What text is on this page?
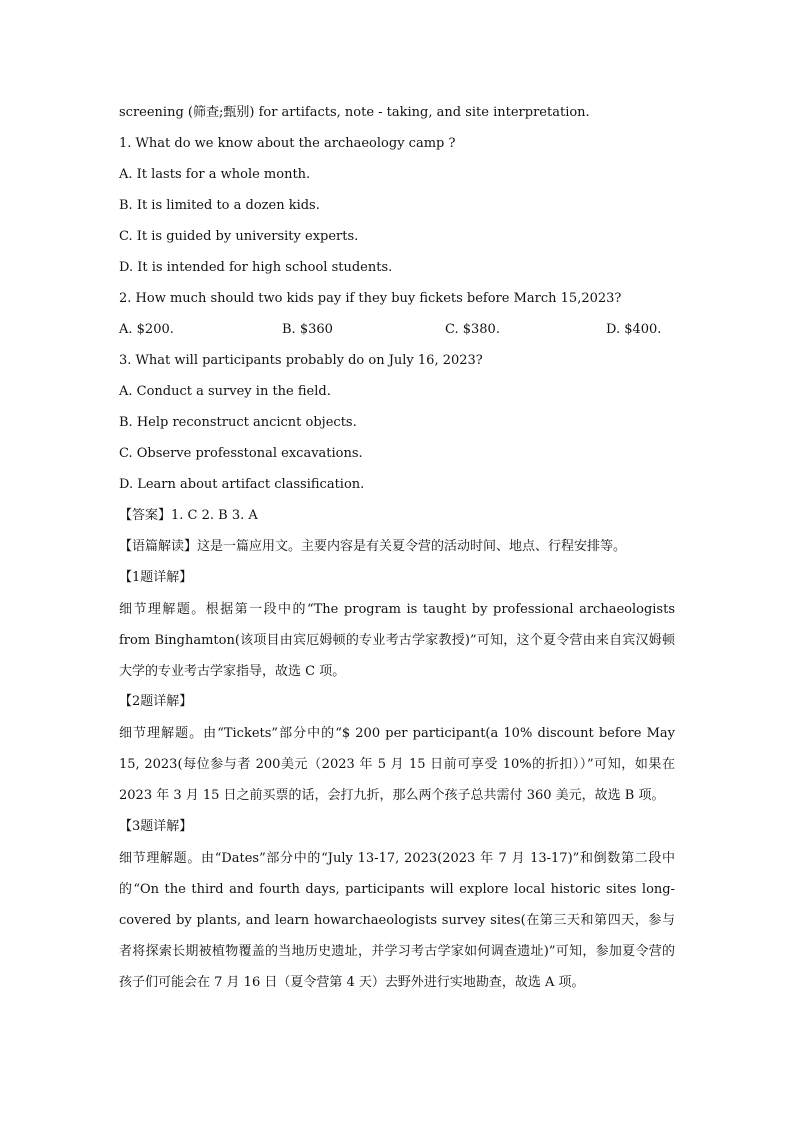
screening (筛查;甄别) for artifacts, note - taking, and site interpretation.
1. What do we know about the archaeology camp ?
A. It lasts for a whole month.
B. It is limited to a dozen kids.
C. It is guided by university experts.
D. It is intended for high school students.
2. How much should two kids pay if they buy fickets before March 15,2023?
A. $200.	B. $360	C. $380.	D. $400.
3. What will participants probably do on July 16, 2023?
A. Conduct a survey in the field.
B. Help reconstruct ancicnt objects.
C. Observe professtonal excavations.
D. Learn about artifact classification.
【答案】1. C 2. B 3. A
【语篇解读】这是一篇应用文。主要内容是有关夏令营的活动时间、地点、行程安排等。
【1题详解】
细节理解题。根据第一段中的“The program is taught by professional archaeologists from Binghamton(该项目由宾厄姆顿的专业考古学家教授)”可知，这个夏令营由来自宾汉姆顿大学的专业考古学家指导，故选 C 项。
【2题详解】
细节理解题。由“Tickets”部分中的“$ 200 per participant(a 10% discount before May 15, 2023(每位参与者 200美元（2023 年 5 月 15 日前可享受 10%的折扣））”可知，如果在 2023 年 3 月 15 日之前买票的话，会打九折，那么两个孩子总共需付 360 美元，故选 B 项。
【3题详解】
细节理解题。由“Dates”部分中的“July 13-17, 2023(2023 年 7 月 13-17)”和倒数第二段中的“On the third and fourth days, participants will explore local historic sites long-covered by plants, and learn howarchaeologists survey sites(在第三天和第四天，参与者将探索长期被植物覆盖的当地历史遗址，并学习考古学家如何调查遗址)”可知，参加夏令营的孩子们可能会在 7 月 16 日（夏令营第 4 天）去野外进行实地勘查，故选 A 项。
